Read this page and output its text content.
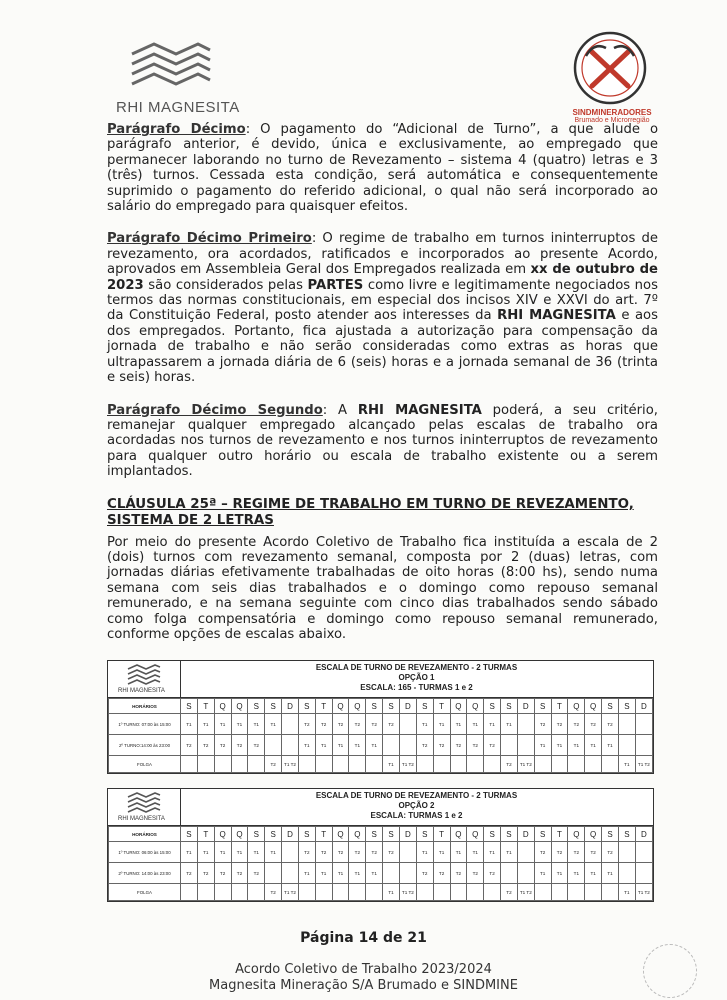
RHI MAGNESITA	SINDMINERADORES
Brumado e Microrregião

Parágrafo Décimo: O pagamento do “Adicional de Turno”, a que alude o parágrafo anterior, é devido, única e exclusivamente, ao empregado que permanecer laborando no turno de Revezamento – sistema 4 (quatro) letras e 3 (três) turnos. Cessada esta condição, será automática e consequentemente suprimido o pagamento do referido adicional, o qual não será incorporado ao salário do empregado para quaisquer efeitos.

Parágrafo Décimo Primeiro: O regime de trabalho em turnos ininterruptos de revezamento, ora acordados, ratificados e incorporados ao presente Acordo, aprovados em Assembleia Geral dos Empregados realizada em xx de outubro de 2023 são considerados pelas PARTES como livre e legitimamente negociados nos termos das normas constitucionais, em especial dos incisos XIV e XXVI do art. 7º da Constituição Federal, posto atender aos interesses da RHI MAGNESITA e aos dos empregados. Portanto, fica ajustada a autorização para compensação da jornada de trabalho e não serão consideradas como extras as horas que ultrapassarem a jornada diária de 6 (seis) horas e a jornada semanal de 36 (trinta e seis) horas.

Parágrafo Décimo Segundo: A RHI MAGNESITA poderá, a seu critério, remanejar qualquer empregado alcançado pelas escalas de trabalho ora acordadas nos turnos de revezamento e nos turnos ininterruptos de revezamento para qualquer outro horário ou escala de trabalho existente ou a serem implantados.

CLÁUSULA 25ª – REGIME DE TRABALHO EM TURNO DE REVEZAMENTO, SISTEMA DE 2 LETRAS

Por meio do presente Acordo Coletivo de Trabalho fica instituída a escala de 2 (dois) turnos com revezamento semanal, composta por 2 (duas) letras, com jornadas diárias efetivamente trabalhadas de oito horas (8:00 hs), sendo numa semana com seis dias trabalhados e o domingo como repouso semanal remunerado, e na semana seguinte com cinco dias trabalhados sendo sábado como folga compensatória e domingo como repouso semanal remunerado, conforme opções de escalas abaixo.

RHI MAGNESITA
ESCALA DE TURNO DE REVEZAMENTO - 2 TURMAS
OPÇÃO 1
ESCALA: 165 - TURMAS 1 e 2
HORÁRIOS	S	T	Q	Q	S	S	D	S	T	Q	Q	S	S	D	S	T	Q	Q	S	S	D	S	T	Q	Q	S	S	D
1º TURNO: 07:00 às 15:00	T1	T1	T1	T1	T1	T1		T2	T2	T2	T2	T2	T2		T1	T1	T1	T1	T1	T1		T2	T2	T2	T2	T2		
2º TURNO:14:00 às 23:00	T2	T2	T2	T2	T2			T1	T1	T1	T1	T1			T2	T2	T2	T2	T2			T1	T1	T1	T1	T1		
FOLGA						T2	T1 T2						T1	T1 T2						T2	T1 T2						T1	T1 T2
RHI MAGNESITA
ESCALA DE TURNO DE REVEZAMENTO - 2 TURMAS
OPÇÃO 2
ESCALA: TURMAS 1 e 2
HORÁRIOS	S	T	Q	Q	S	S	D	S	T	Q	Q	S	S	D	S	T	Q	Q	S	S	D	S	T	Q	Q	S	S	D
1º TURNO: 06:00 às 15:00	T1	T1	T1	T1	T1	T1		T2	T2	T2	T2	T2	T2		T1	T1	T1	T1	T1	T1		T2	T2	T2	T2	T2		
2º TURNO: 14:00 às 23:00	T2	T2	T2	T2	T2			T1	T1	T1	T1	T1			T2	T2	T2	T2	T2			T1	T1	T1	T1	T1		
FOLGA						T2	T1 T2						T1	T1 T2						T2	T1 T2						T1	T1 T2
Página 14 de 21
Acordo Coletivo de Trabalho 2023/2024
Magnesita Mineração S/A Brumado e SINDMINE
